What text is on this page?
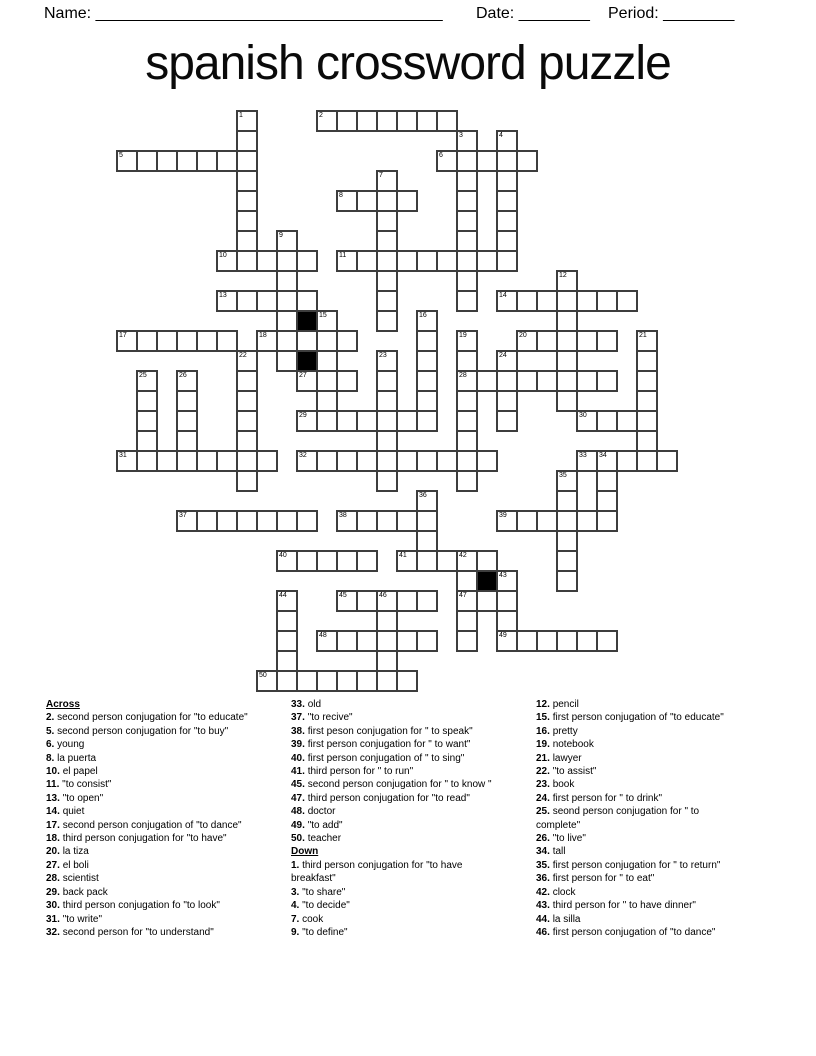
Name: _______________________________________ Date: ________ Period: ________
spanish crossword puzzle
1	2
3	4
5	6
7
8
9
10	11
12
13	14
15	16
17	18	19	20	21
22	23	24
25	26	27	28
29	30
31	32	33 34
35
36
37	38	39
40	41	42
43
44	45	46	47
48	49
50
Across
2. second person conjugation for "to educate"
5. second person conjugation for "to buy"
6. young
8. la puerta
10. el papel
11. "to consist"
13. "to open"
14. quiet
17. second person conjugation of "to dance"
18. third person conjugation for "to have"
20. la tiza
27. el boli
28. scientist
29. back pack
30. third person conjugation fo "to look"
31. "to write"
32. second person for "to understand"
33. old
37. "to recive"
38. first peson conjugation for " to speak"
39. first person conjugation for " to want"
40. first person conjugation of " to sing"
41. third person for " to run"
45. second person conjugation for " to know "
47. third person conjugation for "to read"
48. doctor
49. "to add"
50. teacher
Down
1. third person conjugation for "to have breakfast"
3. "to share"
4. "to decide"
7. cook
9. "to define"
12. pencil
15. first person conjugation of "to educate"
16. pretty
19. notebook
21. lawyer
22. "to assist"
23. book
24. first person for " to drink"
25. seond person conjugation for " to complete"
26. "to live"
34. tall
35. first person conjugation for " to return"
36. first person for " to eat"
42. clock
43. third person for " to have dinner"
44. la silla
46. first person conjugation of "to dance"
